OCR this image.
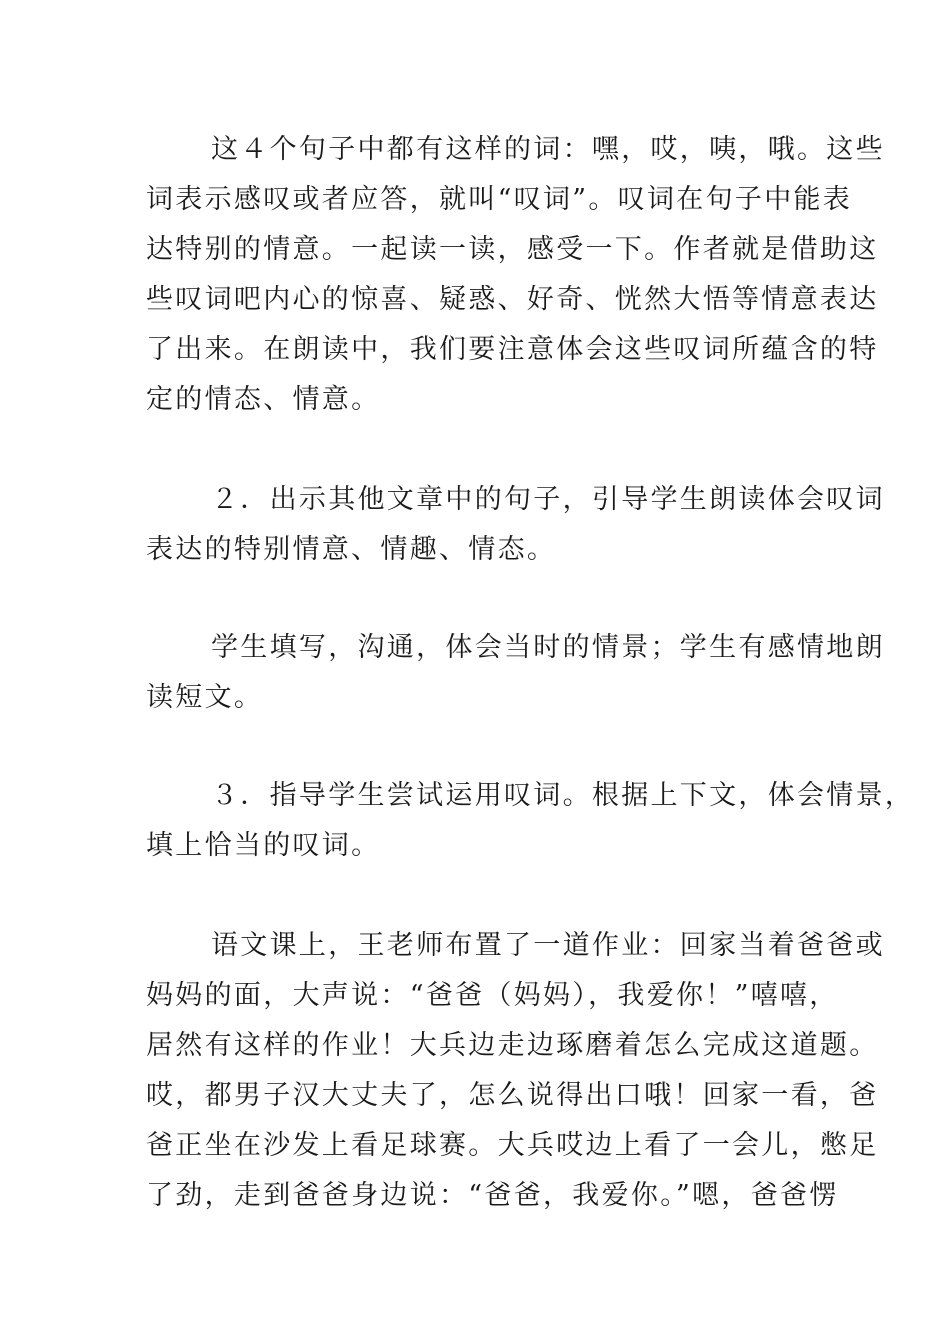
这４个句子中都有这样的词：嘿，哎，咦，哦。这些
词表示感叹或者应答，就叫“叹词”。叹词在句子中能表
达特别的情意。一起读一读，感受一下。作者就是借助这
些叹词吧内心的惊喜、疑惑、好奇、恍然大悟等情意表达
了出来。在朗读中，我们要注意体会这些叹词所蕴含的特
定的情态、情意。
２．出示其他文章中的句子，引导学生朗读体会叹词
表达的特别情意、情趣、情态。
学生填写，沟通，体会当时的情景；学生有感情地朗
读短文。
３．指导学生尝试运用叹词。根据上下文，体会情景，
填上恰当的叹词。
语文课上，王老师布置了一道作业：回家当着爸爸或
妈妈的面，大声说：“爸爸（妈妈），我爱你！”嘻嘻，
居然有这样的作业！大兵边走边琢磨着怎么完成这道题。
哎，都男子汉大丈夫了，怎么说得出口哦！回家一看，爸
爸正坐在沙发上看足球赛。大兵哎边上看了一会儿，憋足
了劲，走到爸爸身边说：“爸爸，我爱你。”嗯，爸爸愣
